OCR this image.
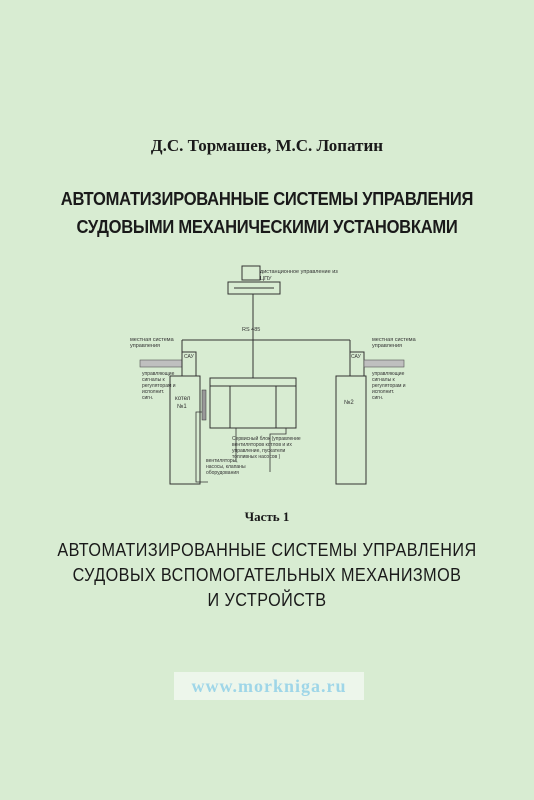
Д.С. Тормашев, М.С. Лопатин
АВТОМАТИЗИРОВАННЫЕ СИСТЕМЫ УПРАВЛЕНИЯ
СУДОВЫМИ МЕХАНИЧЕСКИМИ УСТАНОВКАМИ
дистанционное управление из
ЦПУ
RS 485
местная система
управления
САУ
управляющие
сигналы к
регуляторам и
исполнит.
сигн.	котел
№1
местная система
управления
САУ
управляющие
сигналы к
регуляторам и
исполнит.
сигн.
№2
Сервисный блок (управление
вентиляторов котлов и их
управление, пускатели
топливных насосов )
вентиляторы,
насосы, клапаны
оборудования
Часть 1
АВТОМАТИЗИРОВАННЫЕ СИСТЕМЫ УПРАВЛЕНИЯ
СУДОВЫХ ВСПОМОГАТЕЛЬНЫХ МЕХАНИЗМОВ
И УСТРОЙСТВ
www.morkniga.ru
